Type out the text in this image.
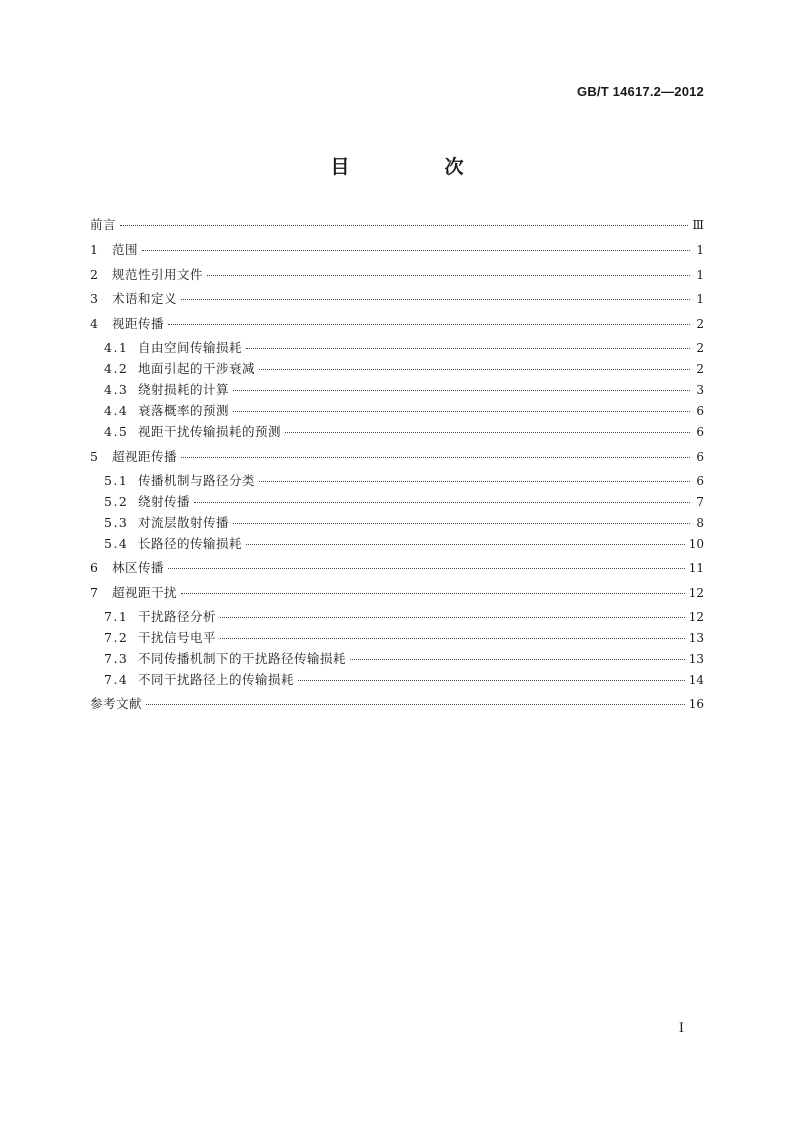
GB/T 14617.2—2012
目　次
前言	Ⅲ
1	范围	1
2	规范性引用文件	1
3	术语和定义	1
4	视距传播	2
4.1 自由空间传输损耗	2
4.2 地面引起的干涉衰减	2
4.3 绕射损耗的计算	3
4.4 衰落概率的预测	6
4.5 视距干扰传输损耗的预测	6
5	超视距传播	6
5.1 传播机制与路径分类	6
5.2 绕射传播	7
5.3 对流层散射传播	8
5.4 长路径的传输损耗	10
6	林区传播	11
7	超视距干扰	12
7.1 干扰路径分析	12
7.2 干扰信号电平	13
7.3 不同传播机制下的干扰路径传输损耗	13
7.4 不同干扰路径上的传输损耗	14
参考文献	16
I
